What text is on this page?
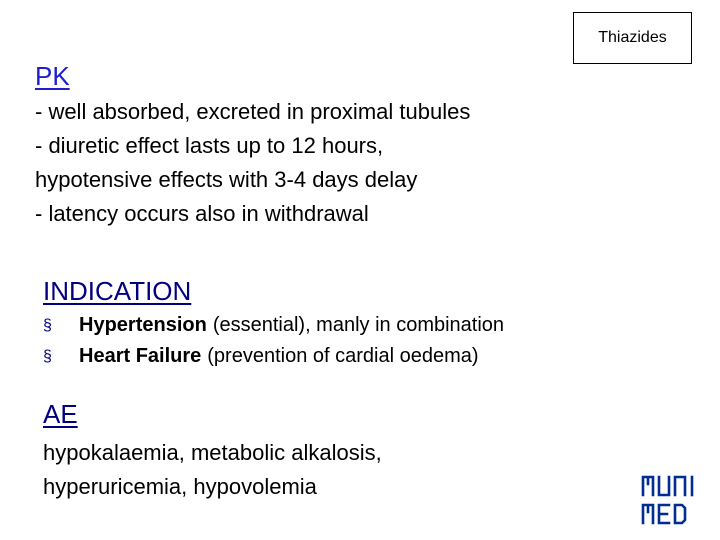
Thiazides
PK
- well absorbed, excreted in proximal tubules
- diuretic effect lasts up to 12 hours,
hypotensive effects with 3-4 days delay
- latency occurs also in withdrawal
INDICATION
§	Hypertension (essential), manly in combination
§	Heart Failure (prevention of cardial oedema)
AE
hypokalaemia, metabolic alkalosis,
hyperuricemia, hypovolemia
